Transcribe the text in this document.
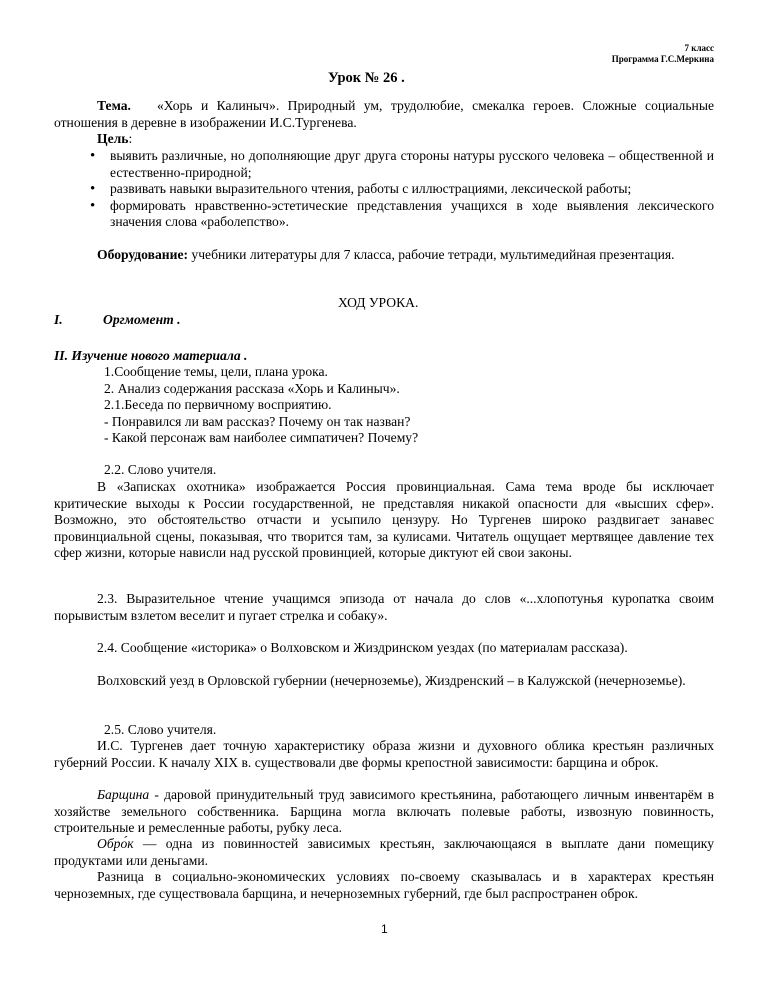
7 класс
Программа Г.С.Меркина
Урок № 26 .
Тема. «Хорь и Калиныч». Природный ум, трудолюбие, смекалка героев. Сложные социальные отношения в деревне в изображении И.С.Тургенева.
Цель:
• выявить различные, но дополняющие друг друга стороны натуры русского человека – общественной и естественно-природной;
• развивать навыки выразительного чтения, работы с иллюстрациями, лексической работы;
• формировать нравственно-эстетические представления учащихся в ходе выявления лексического значения слова «раболепство».
Оборудование: учебники литературы для 7 класса, рабочие тетради, мультимедийная презентация.
ХОД УРОКА.
I.	Оргмомент .
II. Изучение нового материала .

1.Сообщение темы, цели, плана урока.

2. Анализ содержания рассказа «Хорь и Калиныч».

2.1.Беседа по первичному восприятию.

- Понравился ли вам рассказ? Почему он так назван?

- Какой персонаж вам наиболее симпатичен? Почему?

2.2. Слово учителя.
В «Записках охотника» изображается Россия провинциальная. Сама тема вроде бы исключает критические выходы к России государственной, не представляя никакой опасности для «высших сфер». Возможно, это обстоятельство отчасти и усыпило цензуру. Но Тургенев широко раздвигает занавес провинциальной сцены, показывая, что творится там, за кулисами. Читатель ощущает мертвящее давление тех сфер жизни, которые нависли над русской провинцией, которые диктуют ей свои законы.
2.3. Выразительное чтение учащимся эпизода от начала до слов «...хлопотунья куропатка своим порывистым взлетом веселит и пугает стрелка и собаку».
2.4. Сообщение «историка» о Волховском и Жиздринском уездах (по материалам рассказа).
Волховский уезд в Орловской губернии (нечерноземье), Жиздренский – в Калужской (нечерноземье).
2.5. Слово учителя.
И.С. Тургенев дает точную характеристику образа жизни и духовного облика крестьян различных губерний России. К началу XIX в. существовали две формы крепостной зависимости: барщина и оброк.
Барщина - даровой принудительный труд зависимого крестьянина, работающего личным инвентарём в хозяйстве земельного собственника. Барщина могла включать полевые работы, извозную повинность, строительные и ремесленные работы, рубку леса.
Обро́к — одна из повинностей зависимых крестьян, заключающаяся в выплате дани помещику продуктами или деньгами.
Разница в социально-экономических условиях по-своему сказывалась и в характерах крестьян черноземных, где существовала барщина, и нечерноземных губерний, где был распространен оброк.
1
